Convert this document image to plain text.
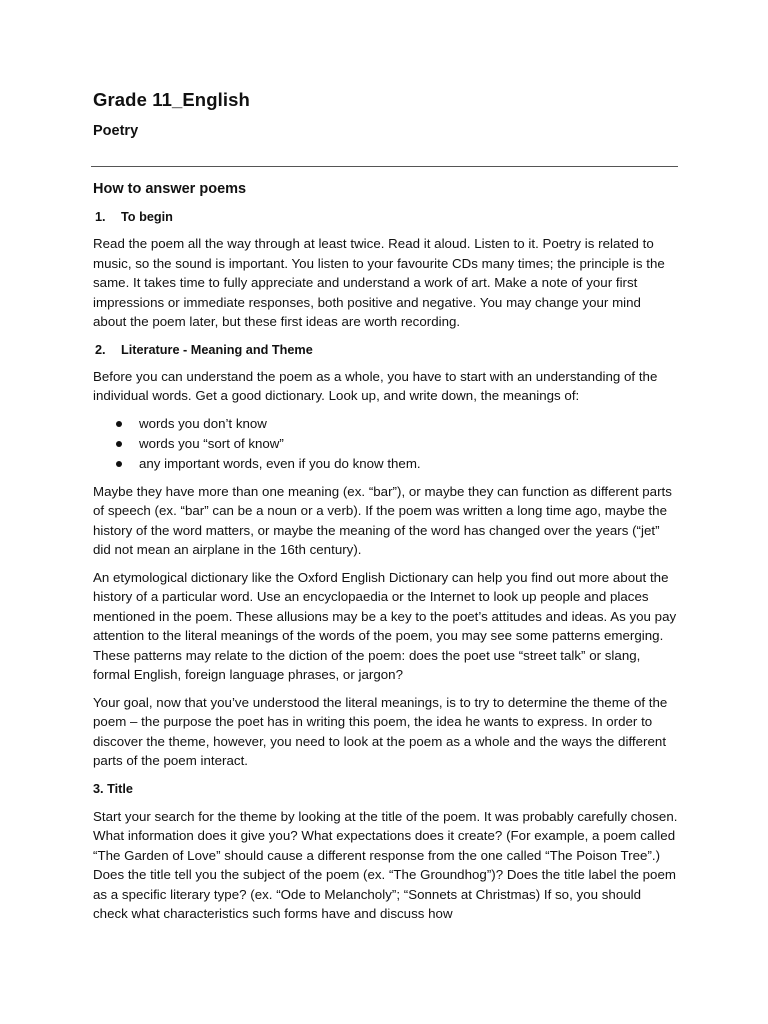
Grade 11_English
Poetry
How to answer poems
1.	To begin

Read the poem all the way through at least twice. Read it aloud. Listen to it. Poetry is related to music, so the sound is important. You listen to your favourite CDs many times; the principle is the same. It takes time to fully appreciate and understand a work of art. Make a note of your first impressions or immediate responses, both positive and negative. You may change your mind about the poem later, but these first ideas are worth recording.

2.	Literature - Meaning and Theme

Before you can understand the poem as a whole, you have to start with an understanding of the individual words. Get a good dictionary. Look up, and write down, the meanings of:

words you don’t know
words you “sort of know”
any important words, even if you do know them.

Maybe they have more than one meaning (ex. “bar”), or maybe they can function as different parts of speech (ex. “bar” can be a noun or a verb). If the poem was written a long time ago, maybe the history of the word matters, or maybe the meaning of the word has changed over the years (“jet” did not mean an airplane in the 16th century).

An etymological dictionary like the Oxford English Dictionary can help you find out more about the history of a particular word. Use an encyclopaedia or the Internet to look up people and places mentioned in the poem. These allusions may be a key to the poet’s attitudes and ideas. As you pay attention to the literal meanings of the words of the poem, you may see some patterns emerging. These patterns may relate to the diction of the poem: does the poet use “street talk” or slang, formal English, foreign language phrases, or jargon?

Your goal, now that you’ve understood the literal meanings, is to try to determine the theme of the poem – the purpose the poet has in writing this poem, the idea he wants to express. In order to discover the theme, however, you need to look at the poem as a whole and the ways the different parts of the poem interact.

3. Title

Start your search for the theme by looking at the title of the poem. It was probably carefully chosen. What information does it give you? What expectations does it create? (For example, a poem called “The Garden of Love” should cause a different response from the one called “The Poison Tree”.) Does the title tell you the subject of the poem (ex. “The Groundhog”)? Does the title label the poem as a specific literary type? (ex. “Ode to Melancholy”; “Sonnets at Christmas) If so, you should check what characteristics such forms have and discuss how
